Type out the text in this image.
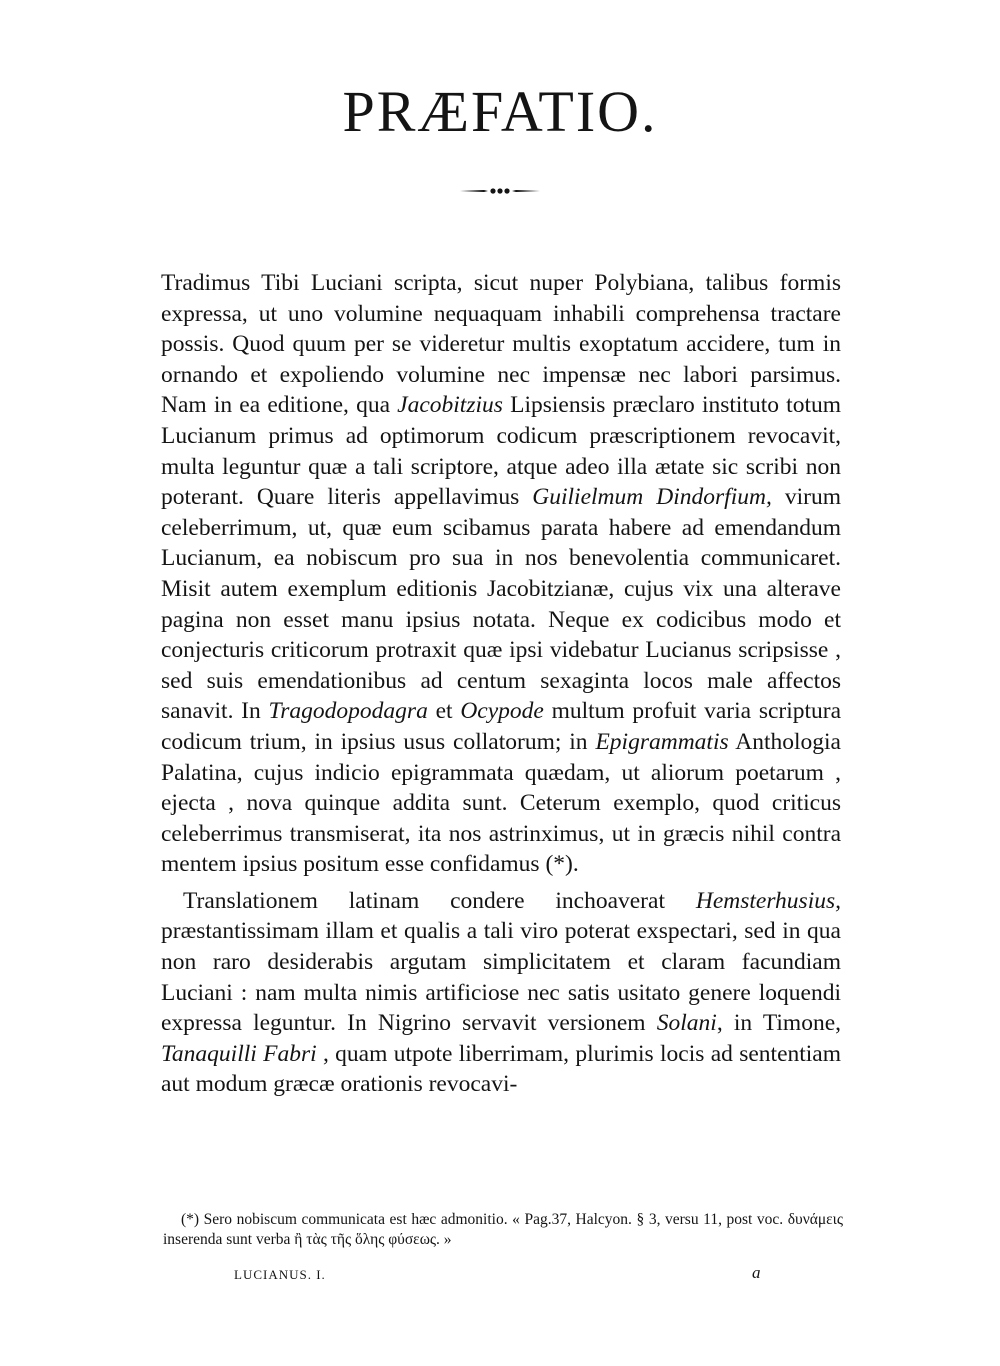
PRÆFATIO.

Tradimus Tibi Luciani scripta, sicut nuper Polybiana, talibus formis expressa, ut uno volumine nequaquam inhabili comprehensa tractare possis. Quod quum per se videretur multis exoptatum accidere, tum in ornando et expoliendo volumine nec impensæ nec labori parsimus. Nam in ea editione, qua Jacobitzius Lipsiensis præclaro instituto totum Lucianum primus ad optimorum codicum præscriptionem revocavit, multa leguntur quæ a tali scriptore, atque adeo illa ætate sic scribi non poterant. Quare literis appellavimus Guilielmum Dindorfium, virum celeberrimum, ut, quæ eum scibamus parata habere ad emendandum Lucianum, ea nobiscum pro sua in nos benevolentia communicaret. Misit autem exemplum editionis Jacobitzianæ, cujus vix una alterave pagina non esset manu ipsius notata. Neque ex codicibus modo et conjecturis criticorum protraxit quæ ipsi videbatur Lucianus scripsisse , sed suis emendationibus ad centum sexaginta locos male affectos sanavit. In Tragodopodagra et Ocypode multum profuit varia scriptura codicum trium, in ipsius usus collatorum; in Epigrammatis Anthologia Palatina, cujus indicio epigrammata quædam, ut aliorum poetarum , ejecta , nova quinque addita sunt. Ceterum exemplo, quod criticus celeberrimus transmiserat, ita nos astrinximus, ut in græcis nihil contra mentem ipsius positum esse confidamus (*).

Translationem latinam condere inchoaverat Hemsterhusius, præstantissimam illam et qualis a tali viro poterat exspectari, sed in qua non raro desiderabis argutam simplicitatem et claram facundiam Luciani : nam multa nimis artificiose nec satis usitato genere loquendi expressa leguntur. In Nigrino servavit versionem Solani, in Timone, Tanaquilli Fabri , quam utpote liberrimam, plurimis locis ad sententiam aut modum græcæ orationis revocavi-

(*) Sero nobiscum communicata est hæc admonitio. « Pag.37, Halcyon. § 3, versu 11, post voc. δυνάμεις inserenda sunt verba ἢ τὰς τῆς ὅλης φύσεως. »

LUCIANUS. I.	a
